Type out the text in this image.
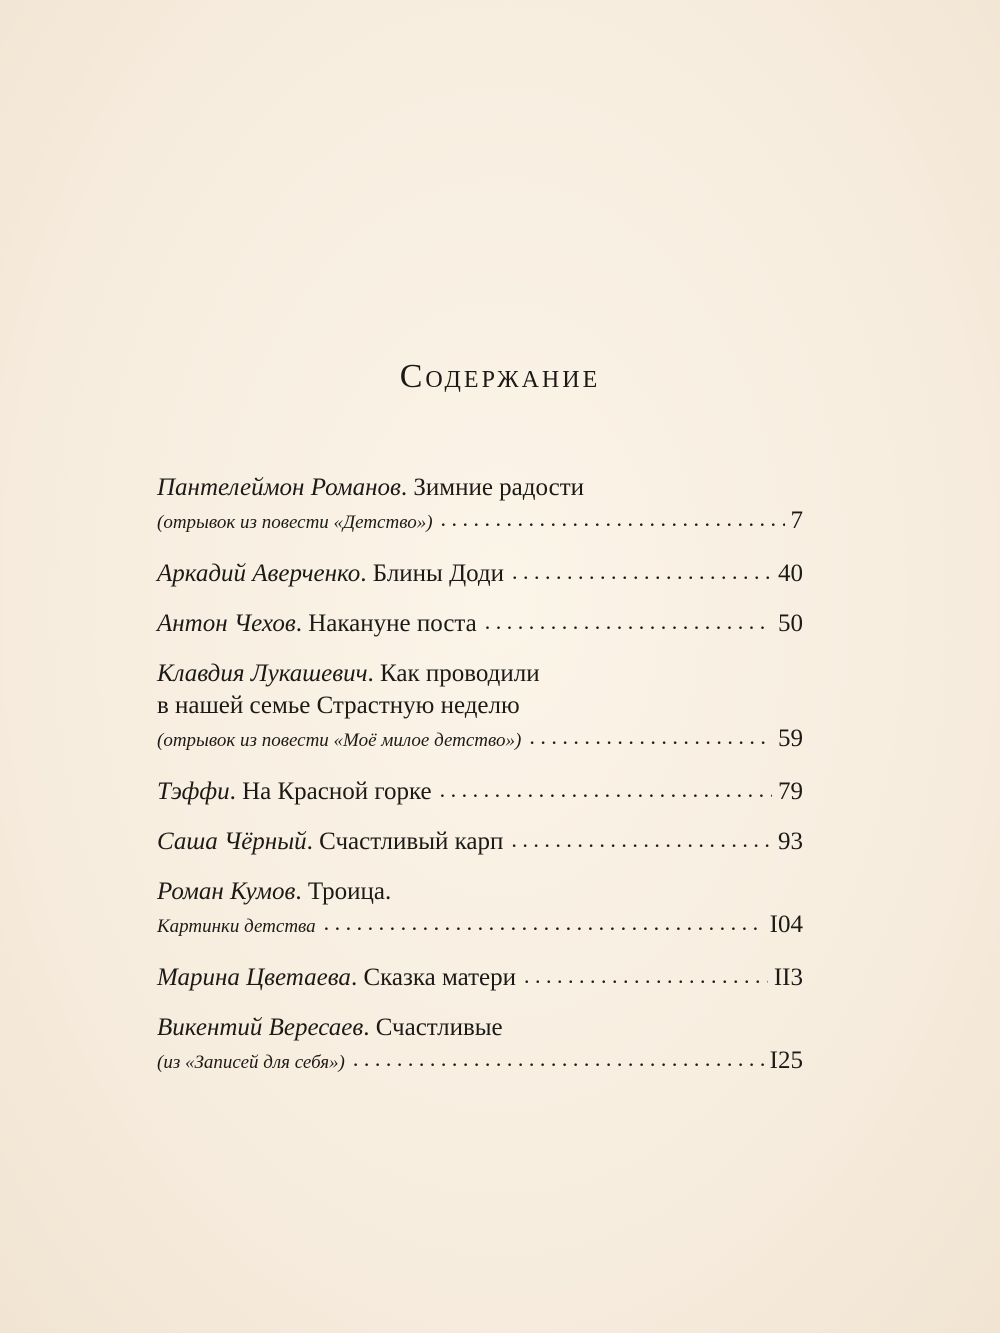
Содержание
Пантелеймон Романов . Зимние радости
(отрывок из повести «Детство») . . .	7
Аркадий Аверченко . Блины Доди . . .	40
Антон Чехов . Накануне поста . . .	50
Клавдия Лукашевич . Как проводили
в нашей семье Страстную неделю
(отрывок из повести «Моё милое детство») . . .	59
Тэффи . На Красной горке . . .	79
Саша Чёрный . Счастливый карп . . .	93
Роман Кумов . Троица.
Картинки детства . . .	I04
Марина Цветаева . Сказка матери . . .	II3
Викентий Вересаев . Счастливые
(из «Записей для себя») . . .	I25
